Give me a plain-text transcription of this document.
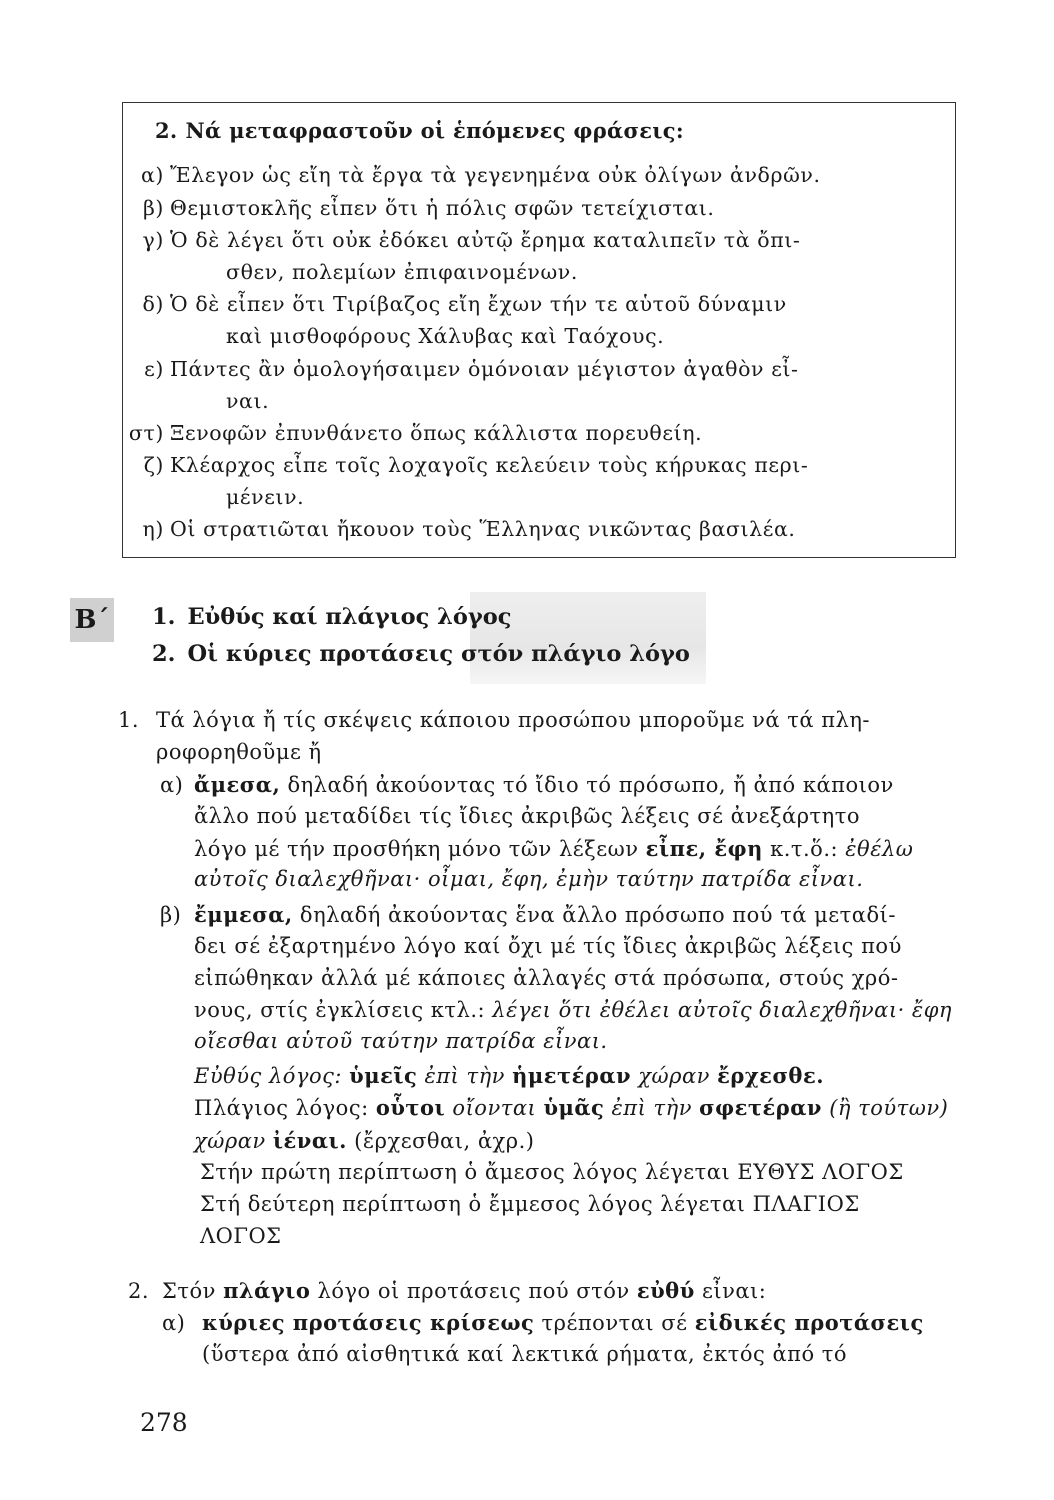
2. Νά μεταφραστοῦν οἱ ἑπόμενες φράσεις:
α) Ἔλεγον ὡς εἴη τὰ ἔργα τὰ γεγενημένα οὐκ ὀλίγων ἀνδρῶν.
β) Θεμιστοκλῆς εἶπεν ὅτι ἡ πόλις σφῶν τετείχισται.
γ) Ὁ δὲ λέγει ὅτι οὐκ ἐδόκει αὐτῷ ἔρημα καταλιπεῖν τὰ ὄπι-
σθεν, πολεμίων ἐπιφαινομένων.
δ) Ὁ δὲ εἶπεν ὅτι Τιρίβαζος εἴη ἔχων τήν τε αὑτοῦ δύναμιν
καὶ μισθοφόρους Χάλυβας καὶ Ταόχους.
ε) Πάντες ἂν ὁμολογήσαιμεν ὁμόνοιαν μέγιστον ἀγαθὸν εἶ-
ναι.
στ) Ξενοφῶν ἐπυνθάνετο ὅπως κάλλιστα πορευθείη.
ζ) Κλέαρχος εἶπε τοῖς λοχαγοῖς κελεύειν τοὺς κήρυκας περι-
μένειν.
η) Οἱ στρατιῶται ἤκουον τοὺς Ἕλληνας νικῶντας βασιλέα.
Β΄ 1. Εὐθύς καί πλάγιος λόγος
2. Οἱ κύριες προτάσεις στόν πλάγιο λόγο
1. Τά λόγια ἤ τίς σκέψεις κάποιου προσώπου μποροῦμε νά τά πλη-
ροφορηθοῦμε ἤ
α) ἄμεσα, δηλαδή ἀκούοντας τό ἴδιο τό πρόσωπο, ἤ ἀπό κάποιον
ἄλλο πού μεταδίδει τίς ἴδιες ἀκριβῶς λέξεις σέ ἀνεξάρτητο
λόγο μέ τήν προσθήκη μόνο τῶν λέξεων εἶπε, ἔφη κ.τ.ὅ.: ἐθέλω
αὐτοῖς διαλεχθῆναι· οἶμαι, ἔφη, ἐμὴν ταύτην πατρίδα εἶναι.
β) ἔμμεσα, δηλαδή ἀκούοντας ἕνα ἄλλο πρόσωπο πού τά μεταδί-
δει σέ ἐξαρτημένο λόγο καί ὄχι μέ τίς ἴδιες ἀκριβῶς λέξεις πού
εἰπώθηκαν ἀλλά μέ κάποιες ἀλλαγές στά πρόσωπα, στούς χρό-
νους, στίς ἐγκλίσεις κτλ.: λέγει ὅτι ἐθέλει αὐτοῖς διαλεχθῆναι· ἔφη
οἴεσθαι αὑτοῦ ταύτην πατρίδα εἶναι.
Εὐθύς λόγος: ὑμεῖς ἐπὶ τὴν ἡμετέραν χώραν ἔρχεσθε.
Πλάγιος λόγος: οὗτοι οἴονται ὑμᾶς ἐπὶ τὴν σφετέραν (ἢ τούτων)
χώραν ἰέναι. (ἔρχεσθαι, ἀχρ.)
Στήν πρώτη περίπτωση ὁ ἄμεσος λόγος λέγεται ΕΥΘΥΣ ΛΟΓΟΣ
Στή δεύτερη περίπτωση ὁ ἔμμεσος λόγος λέγεται ΠΛΑΓΙΟΣ
ΛΟΓΟΣ
2. Στόν πλάγιο λόγο οἱ προτάσεις πού στόν εὐθύ εἶναι:
α) κύριες προτάσεις κρίσεως τρέπονται σέ εἰδικές προτάσεις
(ὕστερα ἀπό αἰσθητικά καί λεκτικά ρήματα, ἐκτός ἀπό τό
278
